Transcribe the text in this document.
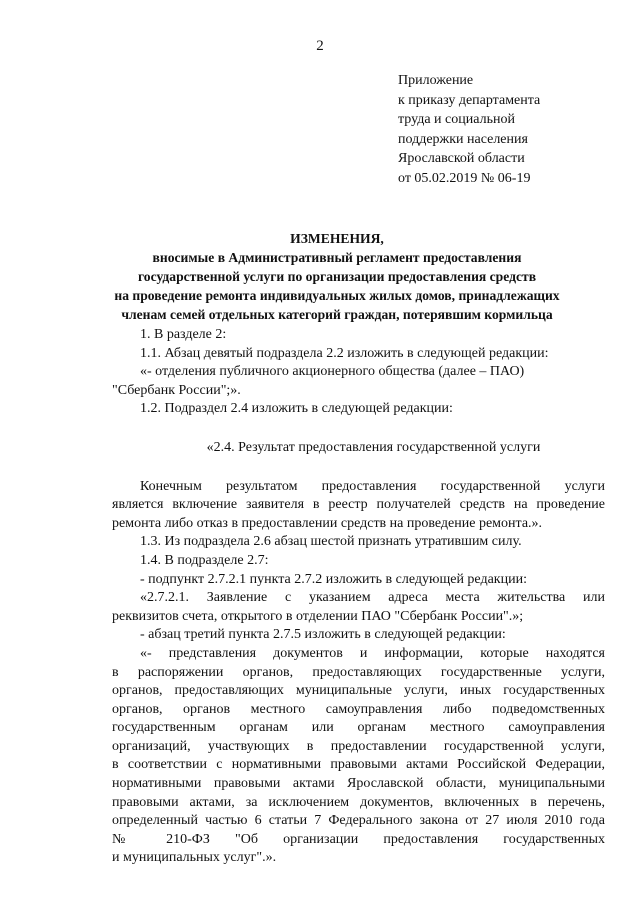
2
Приложение
к приказу департамента
труда и социальной
поддержки населения
Ярославской области
от 05.02.2019 № 06-19
ИЗМЕНЕНИЯ,
вносимые в Административный регламент предоставления
государственной услуги по организации предоставления средств
на проведение ремонта индивидуальных жилых домов, принадлежащих
членам семей отдельных категорий граждан, потерявшим кормильца
1. В разделе 2:
1.1. Абзац девятый подраздела 2.2 изложить в следующей редакции:
«- отделения публичного акционерного общества (далее – ПАО)
"Сбербанк России";».
1.2. Подраздел 2.4 изложить в следующей редакции:
«2.4. Результат предоставления государственной услуги
Конечным результатом предоставления государственной услуги
является включение заявителя в реестр получателей средств на проведение
ремонта либо отказ в предоставлении средств на проведение ремонта.».
1.3. Из подраздела 2.6 абзац шестой признать утратившим силу.
1.4. В подразделе 2.7:
- подпункт 2.7.2.1 пункта 2.7.2 изложить в следующей редакции:
«2.7.2.1. Заявление с указанием адреса места жительства или
реквизитов счета, открытого в отделении ПАО "Сбербанк России".»;
- абзац третий пункта 2.7.5 изложить в следующей редакции:
«- представления документов и информации, которые находятся
в распоряжении органов, предоставляющих государственные услуги,
органов, предоставляющих муниципальные услуги, иных государственных
органов, органов местного самоуправления либо подведомственных
государственным органам или органам местного самоуправления
организаций, участвующих в предоставлении государственной услуги,
в соответствии с нормативными правовыми актами Российской Федерации,
нормативными правовыми актами Ярославской области, муниципальными
правовыми актами, за исключением документов, включенных в перечень,
определенный частью 6 статьи 7 Федерального закона от 27 июля 2010 года
№ 210-ФЗ "Об организации предоставления государственных
и муниципальных услуг".».
